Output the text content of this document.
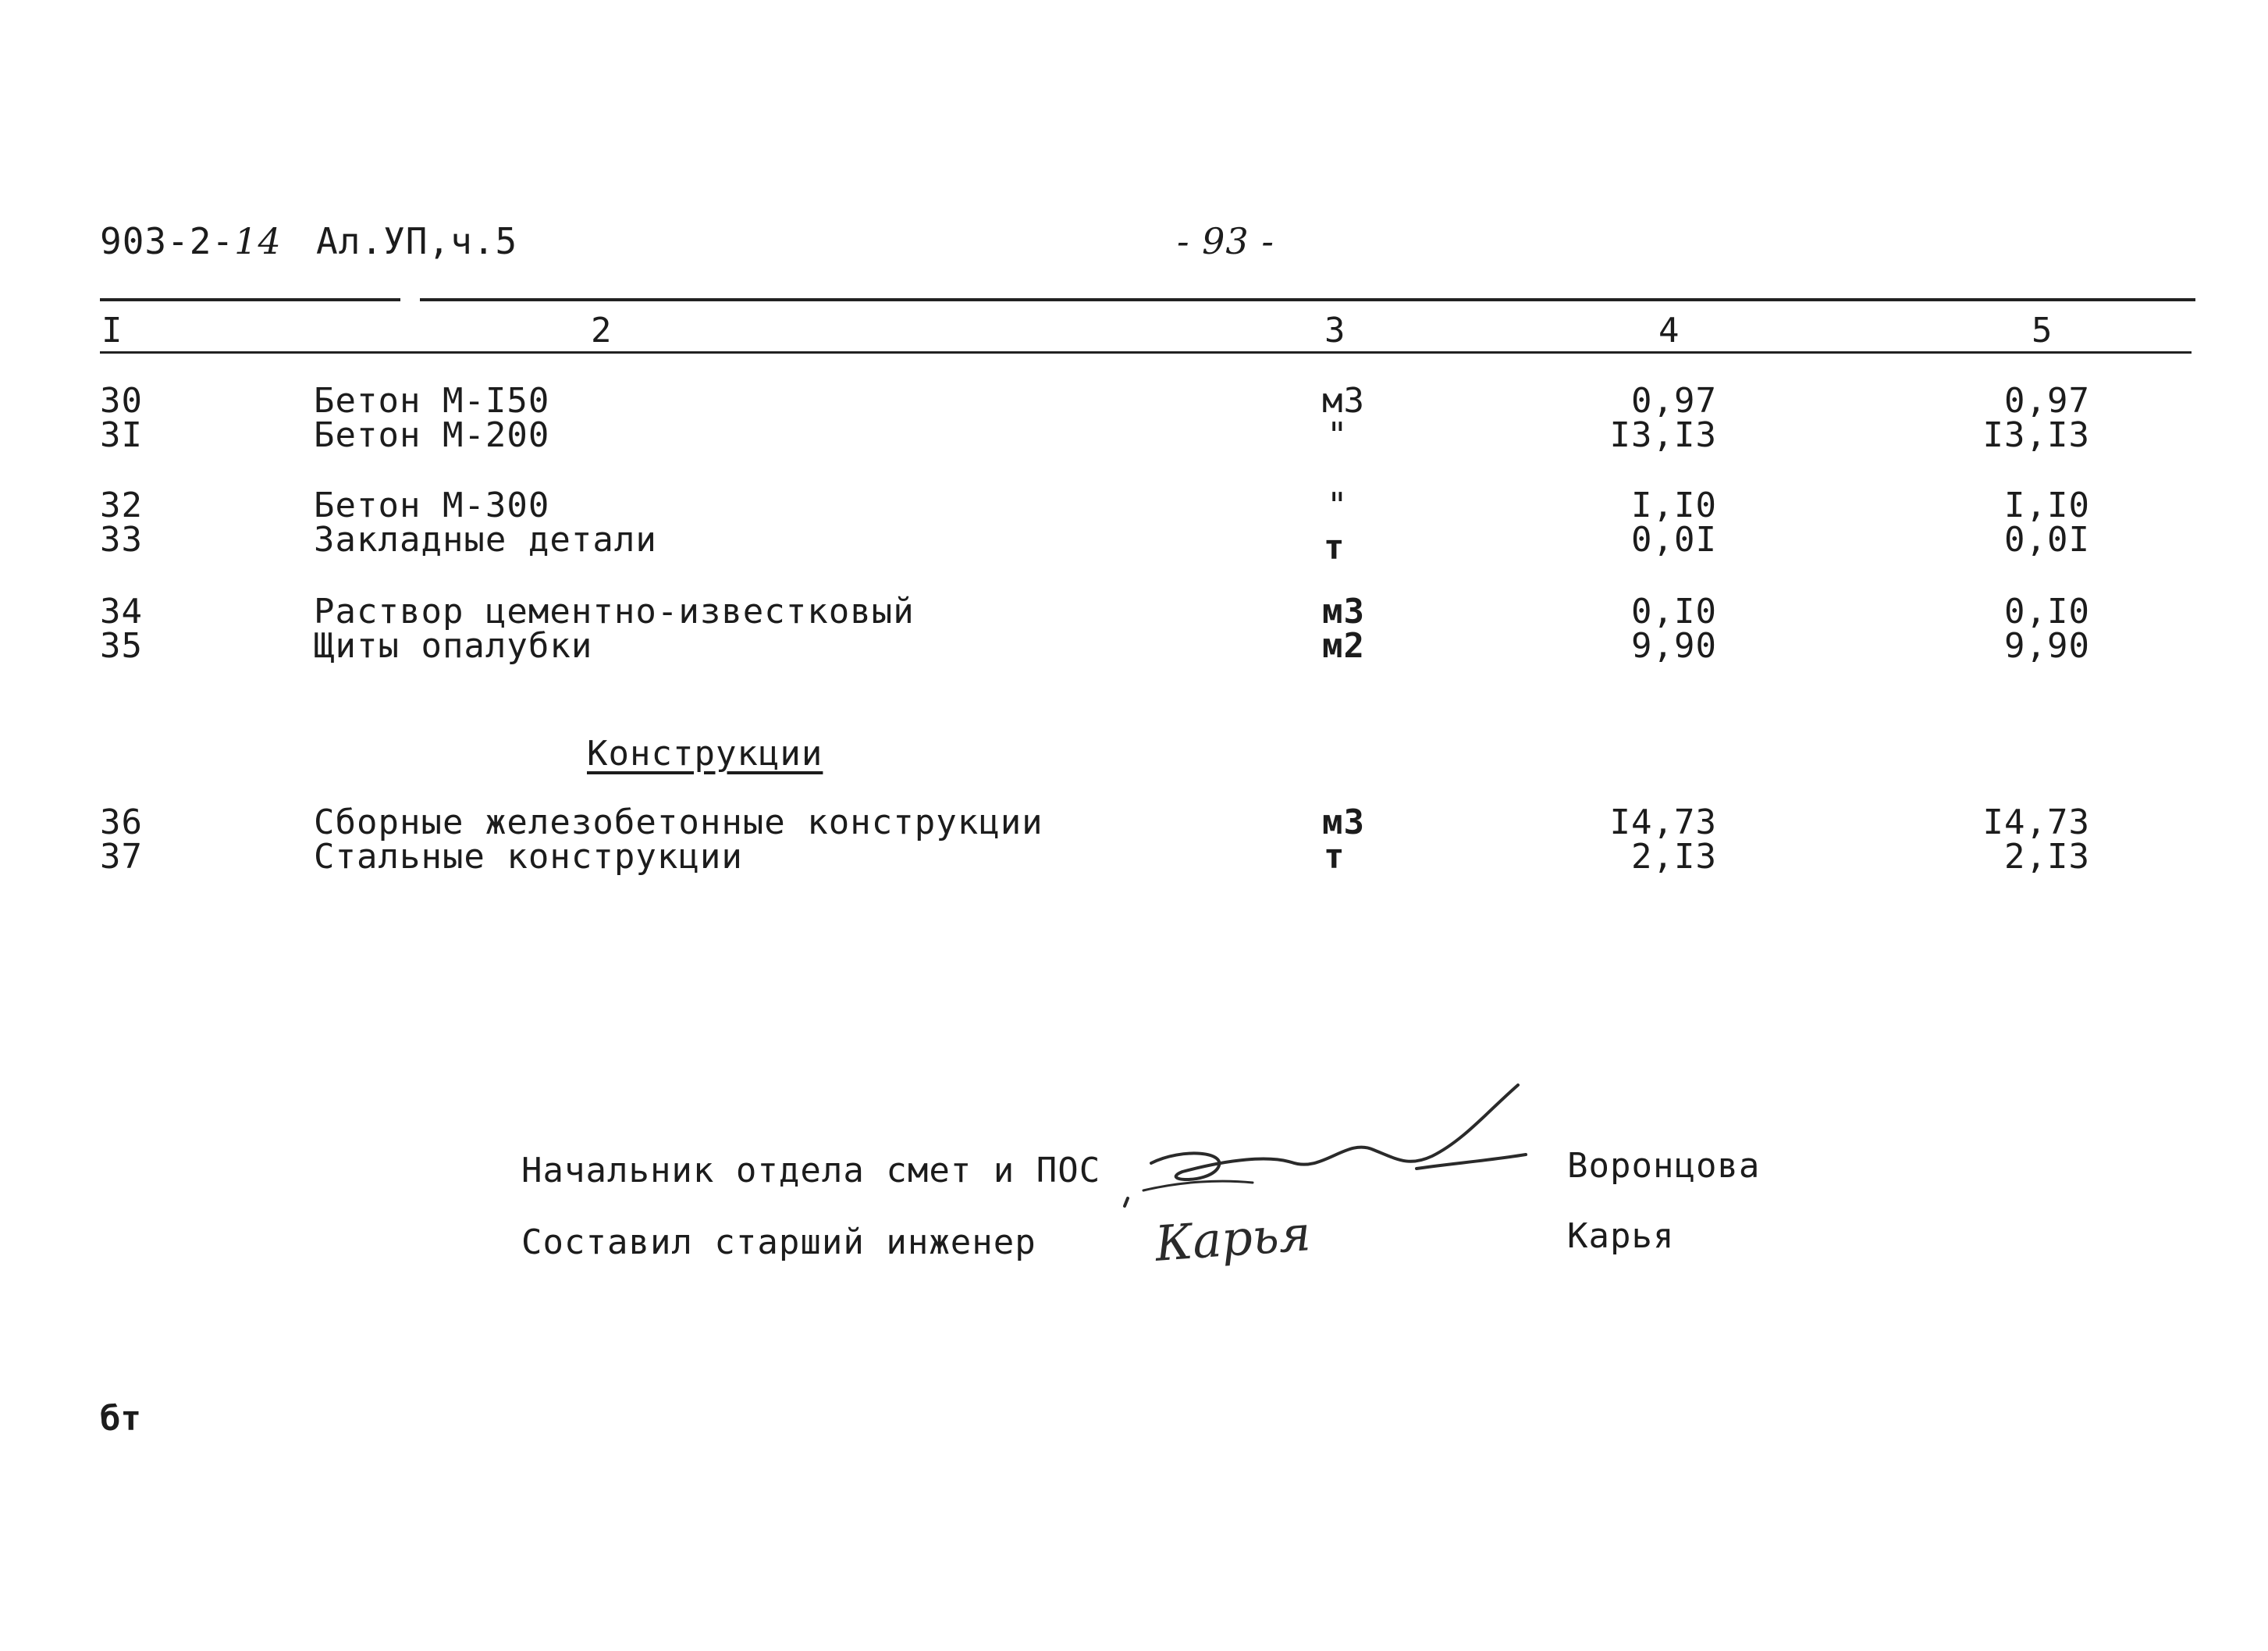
903-2-14 Ал.УП,ч.5	- 93 -
I	2	3	4	5
30	Бетон М-I50	м3	0,97	0,97
3I	Бетон М-200	"	I3,I3	I3,I3
32	Бетон М-300	"	I,I0	I,I0
33	Закладные детали	т	0,0I	0,0I
34	Раствор цементно-известковый	м3	0,I0	0,I0
35	Щиты опалубки	м2	9,90	9,90
Конструкции
36	Сборные железобетонные конструкции	м3	I4,73	I4,73
37	Стальные конструкции	т	2,I3	2,I3
Начальник отдела смет и ПОС	Воронцова
Составил старший инженер Карья	Карья
бт
